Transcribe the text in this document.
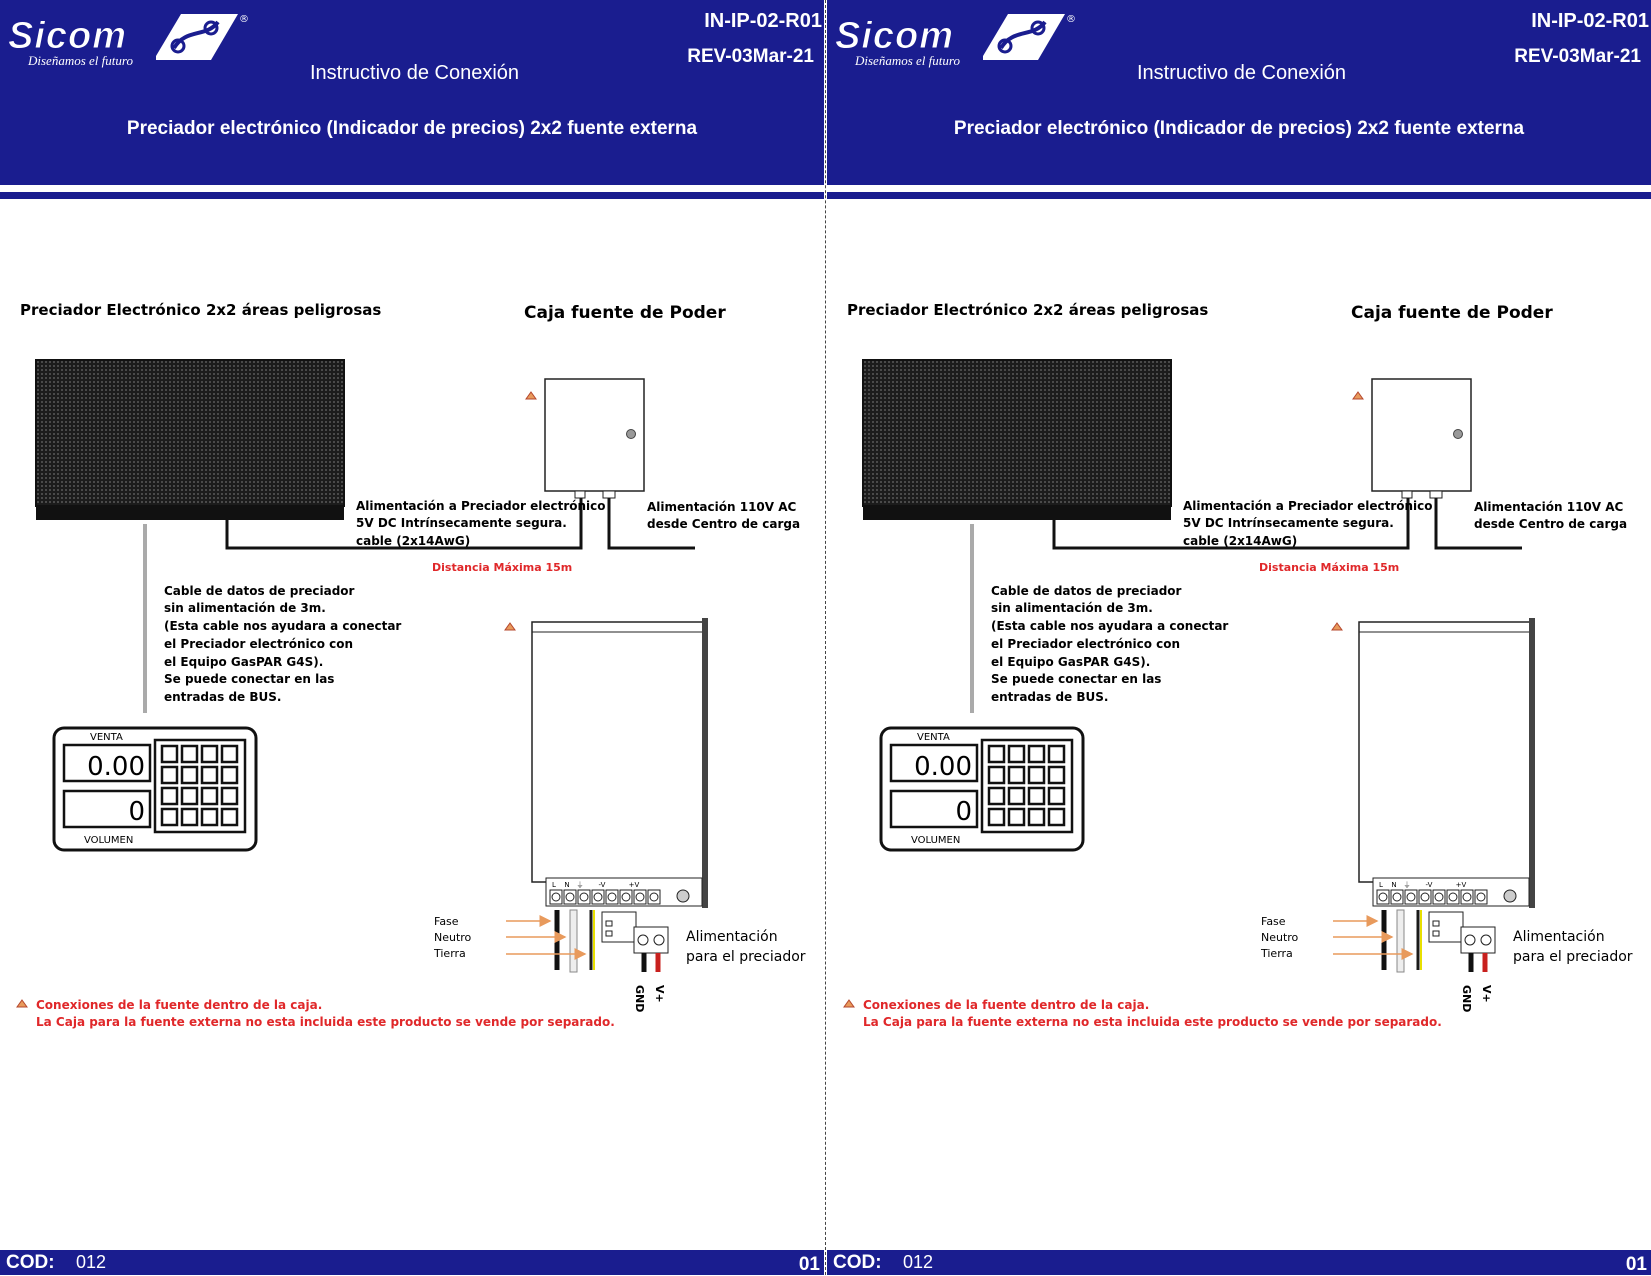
Sicom	®
Diseñamos el futuro
IN-IP-02-R01
REV-03Mar-21
Instructivo de Conexión
Preciador electrónico (Indicador de precios) 2x2 fuente externa
Preciador Electrónico 2x2 áreas peligrosas	Caja fuente de Poder
Alimentación a Preciador electrónico
5V DC Intrínsecamente segura.
cable (2x14AwG)
Alimentación 110V AC
desde Centro de carga
Distancia Máxima 15m
Cable de datos de preciador
sin alimentación de 3m.
(Esta cable nos ayudara a conectar
el Preciador electrónico con
el Equipo GasPAR G4S).
Se puede conectar en las
entradas de BUS.
VENTA
0.00
0
VOLUMEN
L N ⏚ -V	+V
Fase
Neutro
Tierra
Alimentación
para el preciador
GND V+
Conexiones de la fuente dentro de la caja.
La Caja para la fuente externa no esta incluida este producto se vende por separado.
COD: 012	01
Sicom	®
Diseñamos el futuro
IN-IP-02-R01
REV-03Mar-21
Instructivo de Conexión
Preciador electrónico (Indicador de precios) 2x2 fuente externa
Preciador Electrónico 2x2 áreas peligrosas	Caja fuente de Poder
Alimentación a Preciador electrónico
5V DC Intrínsecamente segura.
cable (2x14AwG)
Alimentación 110V AC
desde Centro de carga
Distancia Máxima 15m
Cable de datos de preciador
sin alimentación de 3m.
(Esta cable nos ayudara a conectar
el Preciador electrónico con
el Equipo GasPAR G4S).
Se puede conectar en las
entradas de BUS.
VENTA
0.00
0
VOLUMEN
L N ⏚ -V	+V
Fase
Neutro
Tierra
Alimentación
para el preciador
GND V+
Conexiones de la fuente dentro de la caja.
La Caja para la fuente externa no esta incluida este producto se vende por separado.
COD: 012	01
